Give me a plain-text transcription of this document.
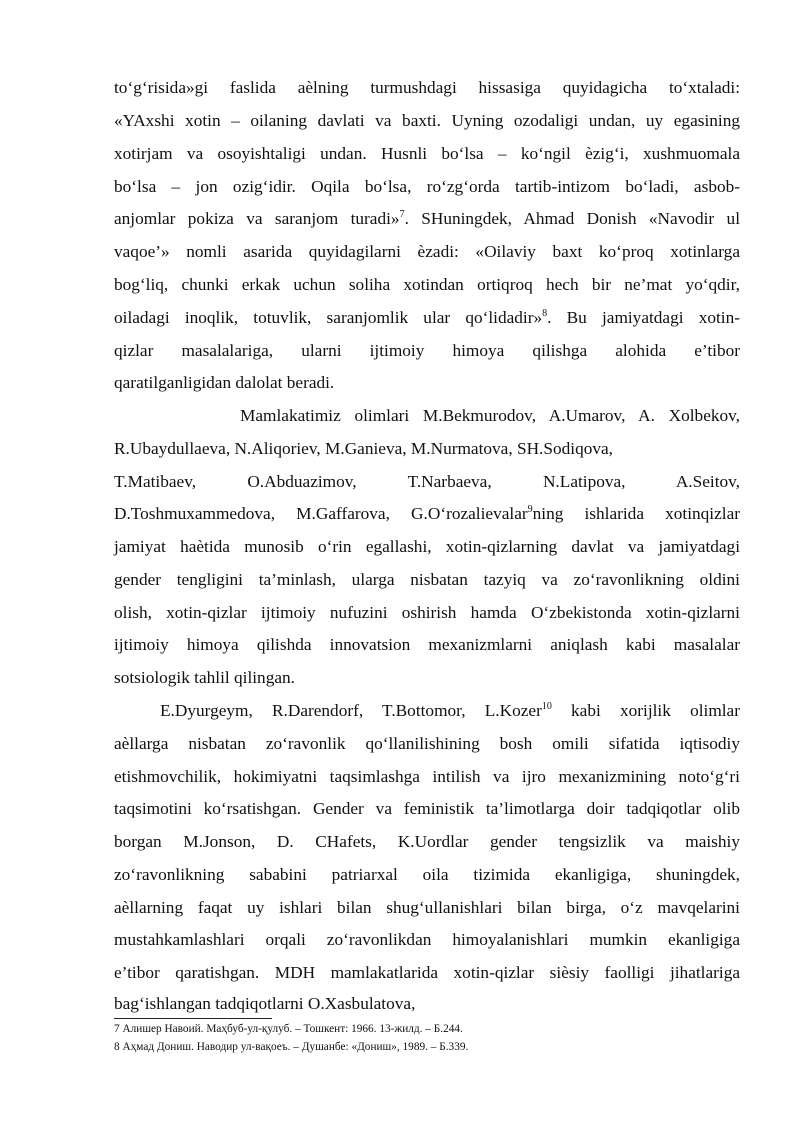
to‘g‘risida»gi faslida aèlning turmushdagi hissasiga quyidagicha to‘xtaladi:
«YAxshi xotin – oilaning davlati va baxti. Uyning ozodaligi undan, uy egasining
xotirjam va osoyishtaligi undan. Husnli bo‘lsa – ko‘ngil èzig‘i, xushmuomala
bo‘lsa – jon ozig‘idir. Oqila bo‘lsa, ro‘zg‘orda tartib-intizom bo‘ladi, asbob-
anjomlar pokiza va saranjom turadi»$^7$. SHuningdek, Ahmad Donish «Navodir ul
vaqoe’» nomli asarida quyidagilarni èzadi: «Oilaviy baxt ko‘proq xotinlarga
bog‘liq, chunki erkak uchun soliha xotindan ortiqroq hech bir ne’mat yo‘qdir,
oiladagi inoqlik, totuvlik, saranjomlik ular qo‘lidadir»$^8$. Bu jamiyatdagi xotin-
qizlar masalalariga, ularni ijtimoiy himoya qilishga alohida e’tibor
qaratilganligidan dalolat beradi.
Mamlakatimiz olimlari M.Bekmurodov, A.Umarov, A. Xolbekov,
R.Ubaydullaeva, N.Aliqoriev, M.Ganieva, M.Nurmatova, SH.Sodiqova,
T.Matibaev, O.Abduazimov, T.Narbaeva, N.Latipova, A.Seitov,
D.Toshmuxammedova, M.Gaffarova, G.O‘rozalievalar$^9$ning ishlarida xotinqizlar
jamiyat haètida munosib o‘rin egallashi, xotin-qizlarning davlat va jamiyatdagi
gender tengligini ta’minlash, ularga nisbatan tazyiq va zo‘ravonlikning oldini
olish, xotin-qizlar ijtimoiy nufuzini oshirish hamda O‘zbekistonda xotin-qizlarni
ijtimoiy himoya qilishda innovatsion mexanizmlarni aniqlash kabi masalalar
sotsiologik tahlil qilingan.
E.Dyurgeym, R.Darendorf, T.Bottomor, L.Kozer$^{10}$ kabi xorijlik olimlar
aèllarga nisbatan zo‘ravonlik qo‘llanilishining bosh omili sifatida iqtisodiy
etishmovchilik, hokimiyatni taqsimlashga intilish va ijro mexanizmining noto‘g‘ri
taqsimotini ko‘rsatishgan. Gender va feministik ta’limotlarga doir tadqiqotlar olib
borgan M.Jonson, D. CHafets, K.Uordlar gender tengsizlik va maishiy
zo‘ravonlikning sababini patriarxal oila tizimida ekanligiga, shuningdek,
aèllarning faqat uy ishlari bilan shug‘ullanishlari bilan birga, o‘z mavqelarini
mustahkamlashlari orqali zo‘ravonlikdan himoyalanishlari mumkin ekanligiga
e’tibor qaratishgan. MDH mamlakatlarida xotin-qizlar sièsiy faolligi jihatlariga
bag‘ishlangan tadqiqotlarni O.Xasbulatova,
7 Алишер Навоий. Маҳбуб-ул-қулуб. – Тошкент: 1966. 13-жилд. – Б.244.
8 Аҳмад Дониш. Наводир ул-вақоеъ. – Душанбе: «Дониш», 1989. – Б.339.
